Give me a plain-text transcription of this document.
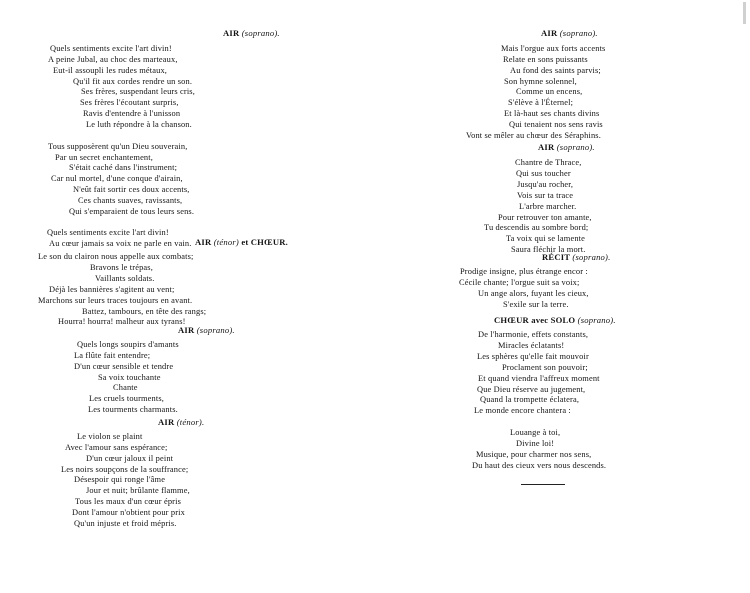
AIR (soprano).
Quels sentiments excite l'art divin!
A peine Jubal, au choc des marteaux,
Eut-il assoupli les rudes métaux,
Qu'il fit aux cordes rendre un son.
Ses frères, suspendant leurs cris,
Ses frères l'écoutant surpris,
Ravis d'entendre à l'unisson
Le luth répondre à la chanson.
Tous supposèrent qu'un Dieu souverain,
Par un secret enchantement,
S'était caché dans l'instrument;
Car nul mortel, d'une conque d'airain,
N'eût fait sortir ces doux accents,
Ces chants suaves, ravissants,
Qui s'emparaient de tous leurs sens.
Quels sentiments excite l'art divin!
Au cœur jamais sa voix ne parle en vain. AIR (ténor) et CHŒUR.
Le son du clairon nous appelle aux combats;
Bravons le trépas,
Vaillants soldats.
Déjà les bannières s'agitent au vent;
Marchons sur leurs traces toujours en avant.
Battez, tambours, en tête des rangs;
Hourra! hourra! malheur aux tyrans!
AIR (soprano).
Quels longs soupirs d'amants
La flûte fait entendre;
D'un cœur sensible et tendre
Sa voix touchante
Chante
Les cruels tourments,
Les tourments charmants.
AIR (ténor).
Le violon se plaint
Avec l'amour sans espérance;
D'un cœur jaloux il peint
Les noirs soupçons de la souffrance;
Désespoir qui ronge l'âme
Jour et nuit; brûlante flamme,
Tous les maux d'un cœur épris
Dont l'amour n'obtient pour prix
Qu'un injuste et froid mépris.
AIR (soprano).
Mais l'orgue aux forts accents
Relate en sons puissants
Au fond des saints parvis;
Son hymne solennel,
Comme un encens,
S'élève à l'Éternel;
Et là-haut ses chants divins
Qui tenaient nos sens ravis
Vont se mêler au chœur des Séraphins.
AIR (soprano).
Chantre de Thrace,
Qui sus toucher
Jusqu'au rocher,
Vois sur ta trace
L'arbre marcher.
Pour retrouver ton amante,
Tu descendis au sombre bord;
Ta voix qui se lamente
Saura fléchir la mort.
RÉCIT (soprano).
Prodige insigne, plus étrange encor :
Cécile chante; l'orgue suit sa voix;
Un ange alors, fuyant les cieux,
S'exile sur la terre.
CHŒUR avec SOLO (soprano).
De l'harmonie, effets constants,
Miracles éclatants!
Les sphères qu'elle fait mouvoir
Proclament son pouvoir;
Et quand viendra l'affreux moment
Que Dieu réserve au jugement,
Quand la trompette éclatera,
Le monde encore chantera :
Louange à toi,
Divine loi!
Musique, pour charmer nos sens,
Du haut des cieux vers nous descends.
